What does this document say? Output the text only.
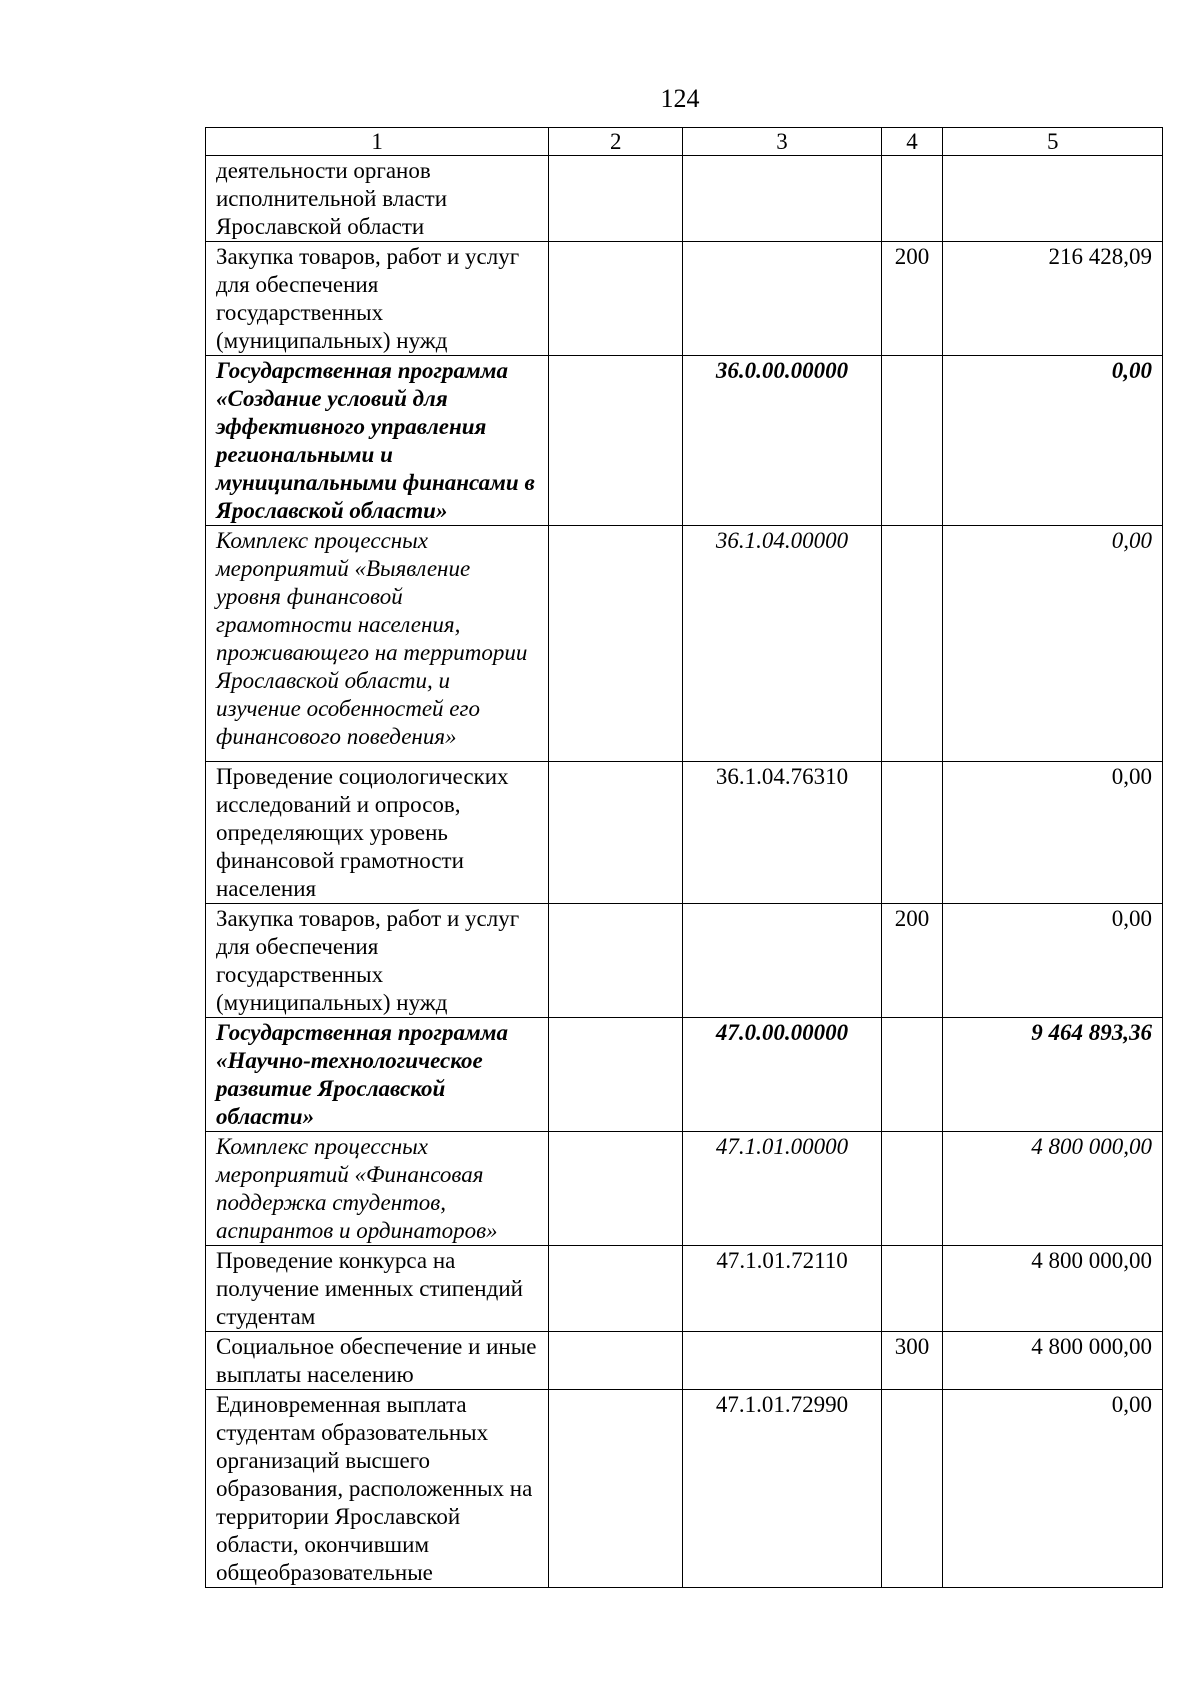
124
1	2	3	4	5
деятельности органов исполнительной власти Ярославской области				
Закупка товаров, работ и услуг для обеспечения государственных (муниципальных) нужд			200	216 428,09
Государственная программа «Создание условий для эффективного управления региональными и муниципальными финансами в Ярославской области»		36.0.00.00000		0,00
Комплекс процессных мероприятий «Выявление уровня финансовой грамотности населения, проживающего на территории Ярославской области, и изучение особенностей его финансового поведения»		36.1.04.00000		0,00
Проведение социологических исследований и опросов, определяющих уровень финансовой грамотности населения		36.1.04.76310		0,00
Закупка товаров, работ и услуг для обеспечения государственных (муниципальных) нужд			200	0,00
Государственная программа «Научно-технологическое развитие Ярославской области»		47.0.00.00000		9 464 893,36
Комплекс процессных мероприятий «Финансовая поддержка студентов, аспирантов и ординаторов»		47.1.01.00000		4 800 000,00
Проведение конкурса на получение именных стипендий студентам		47.1.01.72110		4 800 000,00
Социальное обеспечение и иные выплаты населению			300	4 800 000,00
Единовременная выплата студентам образовательных организаций высшего образования, расположенных на территории Ярославской области, окончившим общеобразовательные		47.1.01.72990		0,00
